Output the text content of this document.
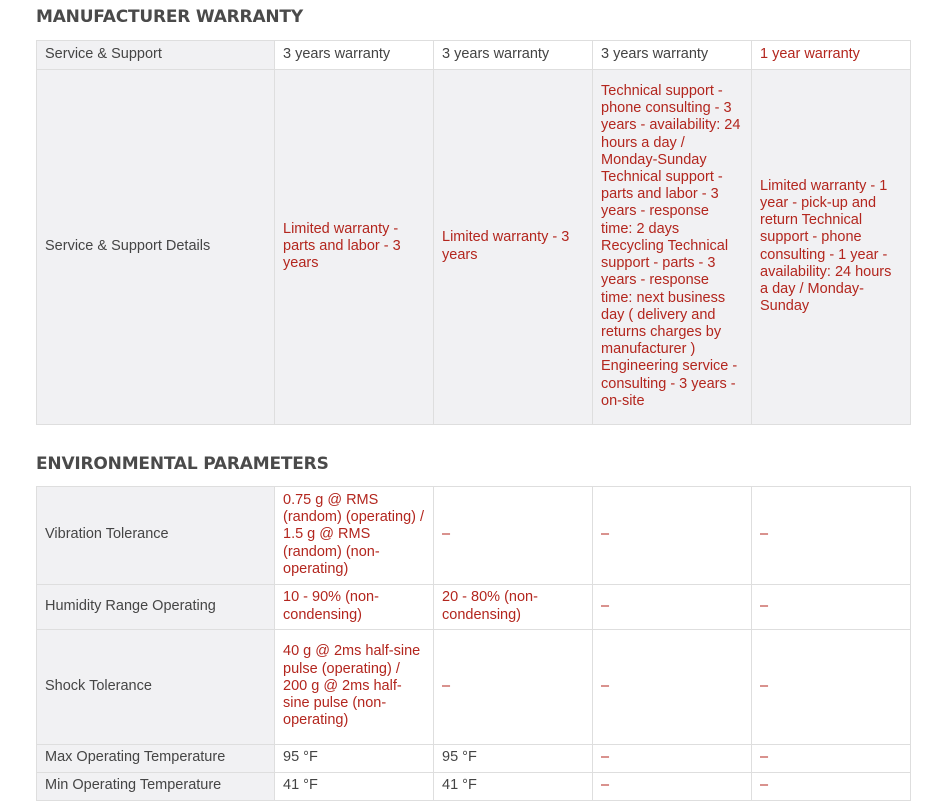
MANUFACTURER WARRANTY
Service & Support	3 years warranty	3 years warranty	3 years warranty	1 year warranty
Service & Support Details	Limited warranty - parts and labor - 3 years	Limited warranty - 3 years	Technical support - phone consulting - 3 years - availability: 24 hours a day / Monday-Sunday Technical support - parts and labor - 3 years - response time: 2 days Recycling Technical support - parts - 3 years - response time: next business day ( delivery and returns charges by manufacturer ) Engineering service - consulting - 3 years - on-site	Limited warranty - 1 year - pick-up and return Technical support - phone consulting - 1 year - availability: 24 hours a day / Monday-Sunday
ENVIRONMENTAL PARAMETERS
Vibration Tolerance	0.75 g @ RMS (random) (operating) / 1.5 g @ RMS (random) (non-operating)	–	–	–
Humidity Range Operating	10 - 90% (non-condensing)	20 - 80% (non-condensing)	–	–
Shock Tolerance	40 g @ 2ms half-sine pulse (operating) / 200 g @ 2ms half-sine pulse (non-operating)	–	–	–
Max Operating Temperature	95 °F	95 °F	–	–
Min Operating Temperature	41 °F	41 °F	–	–
